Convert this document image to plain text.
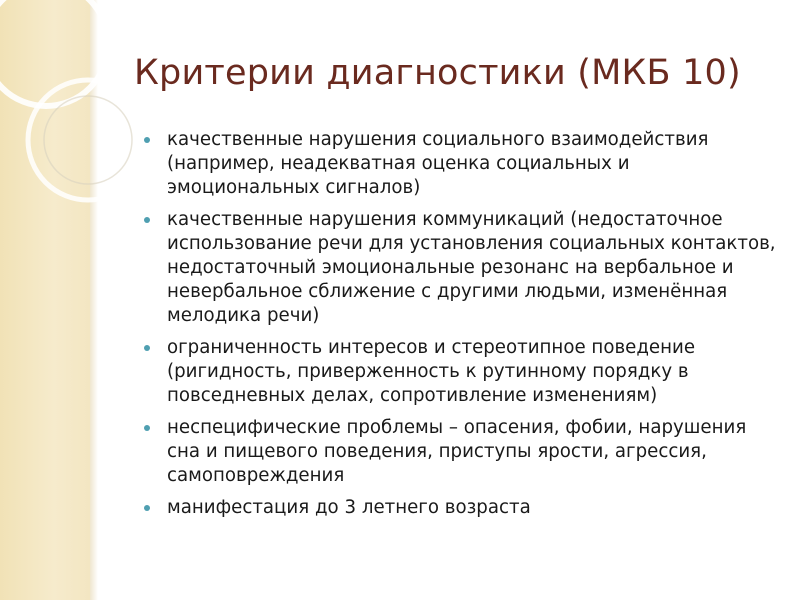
Критерии диагностики (МКБ 10)
качественные нарушения социального взаимодействия (например, неадекватная оценка социальных и эмоциональных сигналов)
качественные нарушения коммуникаций (недостаточное использование речи для установления социальных контактов, недостаточный эмоциональные резонанс на вербальное и невербальное сближение с другими людьми, изменённая мелодика речи)
ограниченность интересов и стереотипное поведение (ригидность, приверженность к рутинному порядку в повседневных делах, сопротивление изменениям)
неспецифические проблемы – опасения, фобии, нарушения сна и пищевого поведения, приступы ярости, агрессия, самоповреждения
манифестация до 3 летнего возраста
